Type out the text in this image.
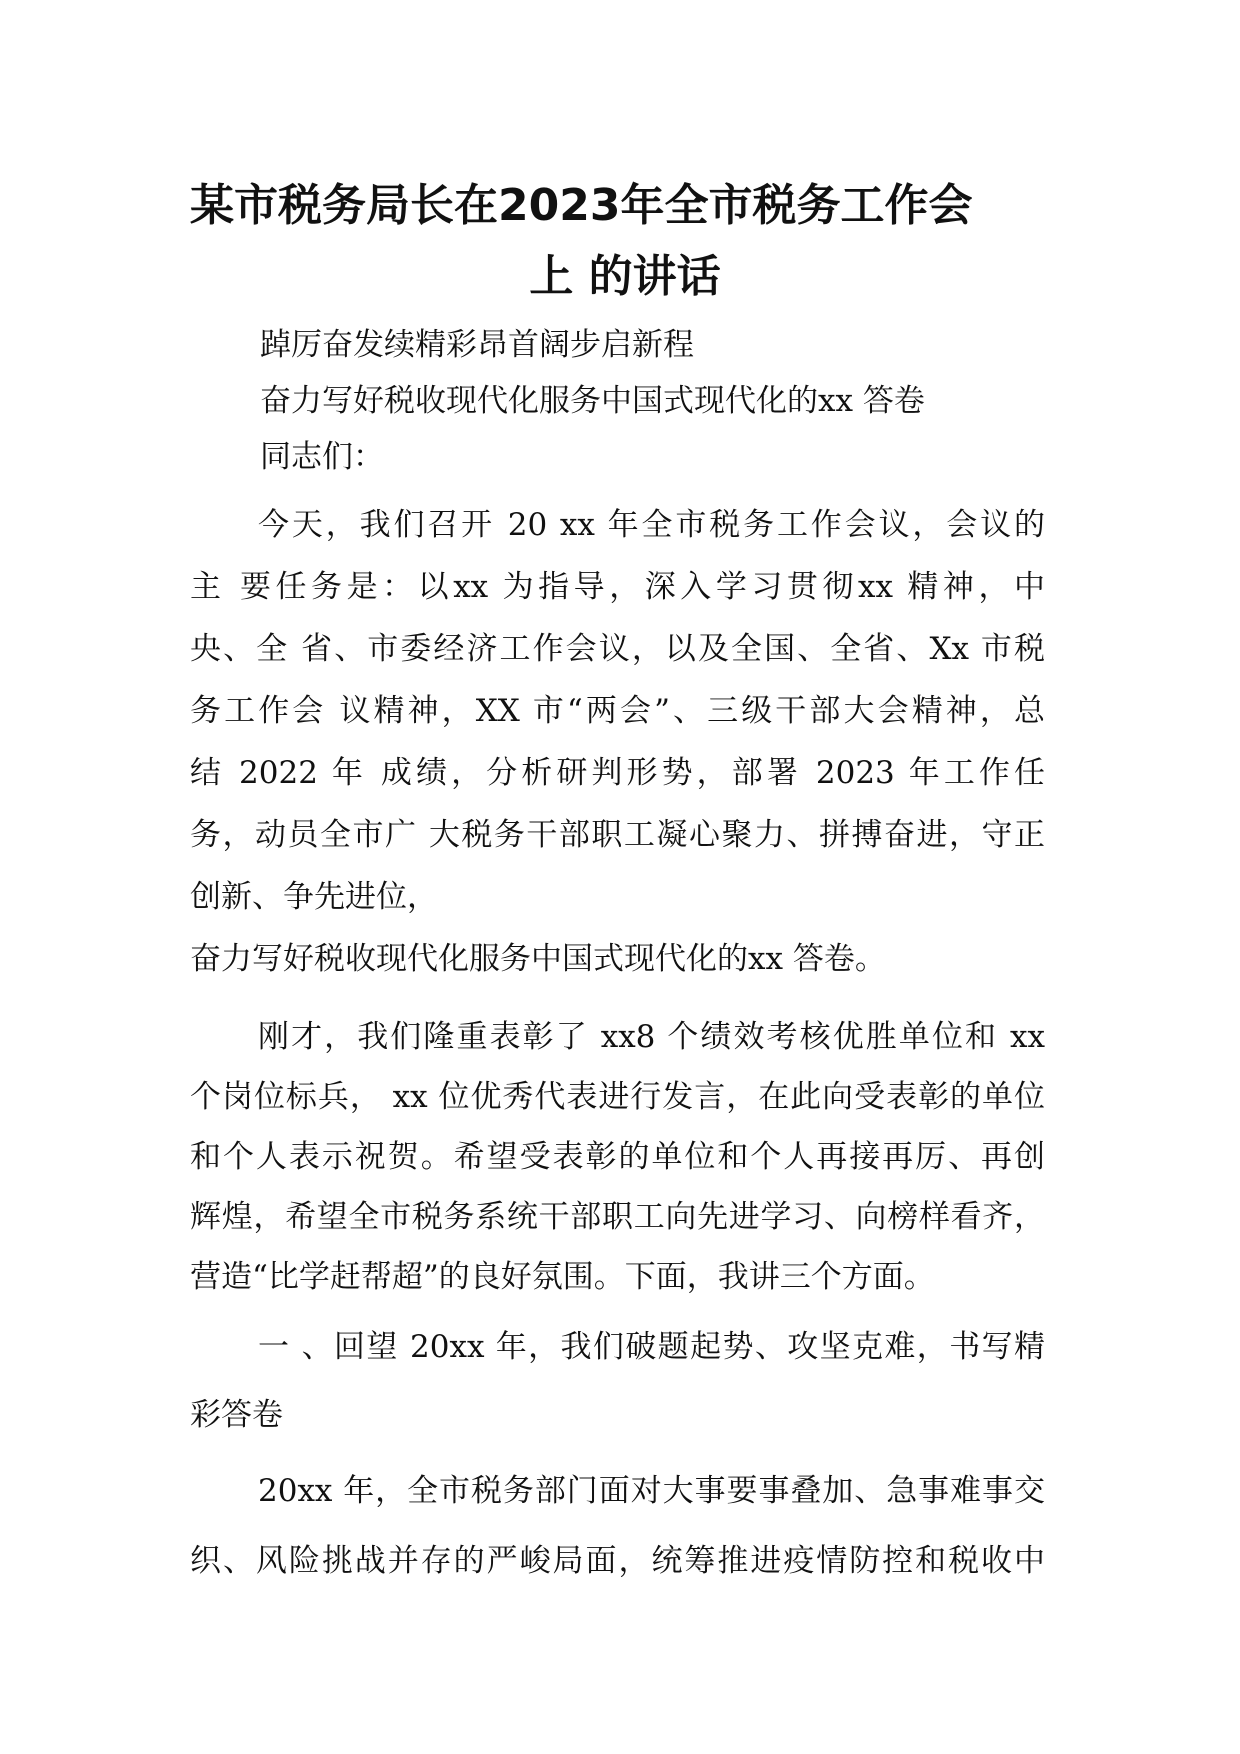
某市税务局长在2023年全市税务工作会
上 的讲话
踔厉奋发续精彩昂首阔步启新程
奋力写好税收现代化服务中国式现代化的xx 答卷
同志们：
今天，我们召开 20 xx 年全市税务工作会议，会议的
主 要任务是：以xx 为指导，深入学习贯彻xx 精神，中
央、全 省、市委经济工作会议，以及全国、全省、Xx 市税
务工作会 议精神，XX 市“两会”、三级干部大会精神，总
结 2022 年 成绩，分析研判形势，部署 2023 年工作任
务，动员全市广 大税务干部职工凝心聚力、拼搏奋进，守正
创新、争先进位，
奋力写好税收现代化服务中国式现代化的xx 答卷。
刚才，我们隆重表彰了 xx8 个绩效考核优胜单位和 xx
个岗位标兵， xx 位优秀代表进行发言，在此向受表彰的单位
和个人表示祝贺。希望受表彰的单位和个人再接再厉、再创
辉煌，希望全市税务系统干部职工向先进学习、向榜样看齐，
营造“比学赶帮超”的良好氛围。下面，我讲三个方面。
一 、回望 20xx 年，我们破题起势、攻坚克难，书写精
彩答卷
20xx 年，全市税务部门面对大事要事叠加、急事难事交
织、风险挑战并存的严峻局面，统筹推进疫情防控和税收中
